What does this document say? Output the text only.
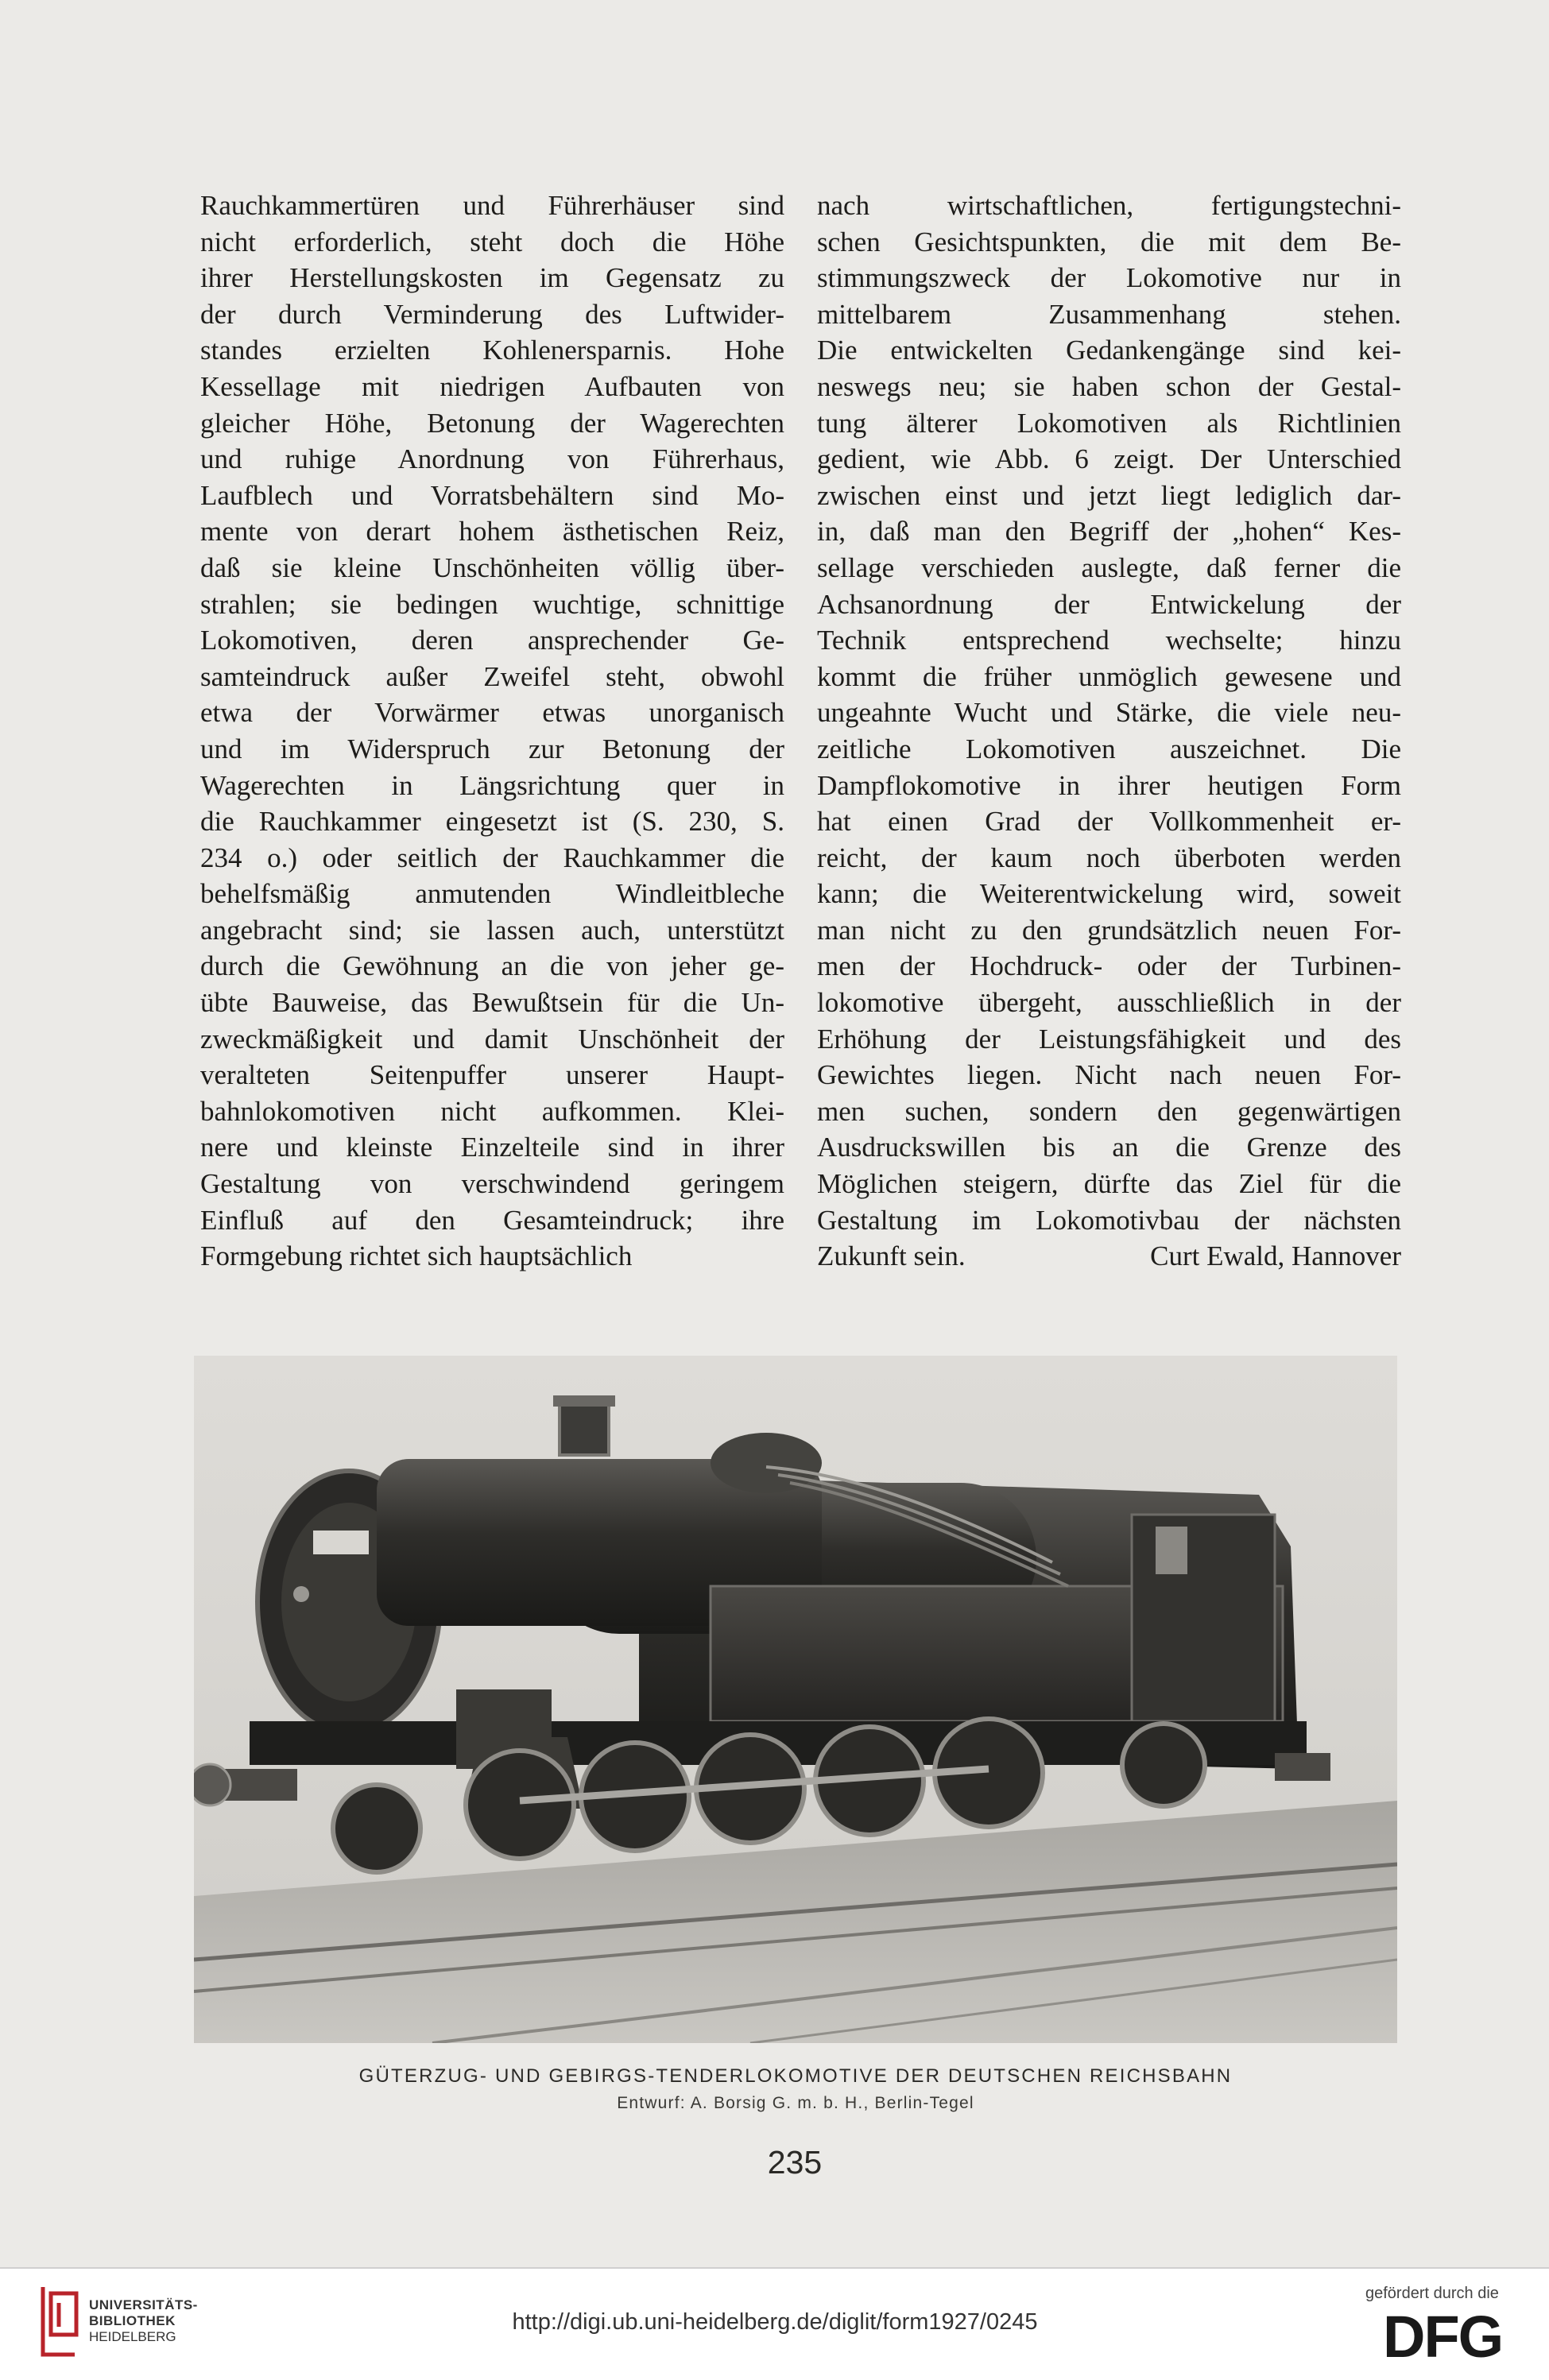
Rauchkammertüren und Führerhäuser sind
nicht erforderlich, steht doch die Höhe
ihrer Herstellungskosten im Gegensatz zu
der durch Verminderung des Luftwider-
standes erzielten Kohlenersparnis. Hohe
Kessellage mit niedrigen Aufbauten von
gleicher Höhe, Betonung der Wagerechten
und ruhige Anordnung von Führerhaus,
Laufblech und Vorratsbehältern sind Mo-
mente von derart hohem ästhetischen Reiz,
daß sie kleine Unschönheiten völlig über-
strahlen; sie bedingen wuchtige, schnittige
Lokomotiven, deren ansprechender Ge-
samteindruck außer Zweifel steht, obwohl
etwa der Vorwärmer etwas unorganisch
und im Widerspruch zur Betonung der
Wagerechten in Längsrichtung quer in
die Rauchkammer eingesetzt ist (S. 230, S.
234 o.) oder seitlich der Rauchkammer die
behelfsmäßig anmutenden Windleitbleche
angebracht sind; sie lassen auch, unterstützt
durch die Gewöhnung an die von jeher ge-
übte Bauweise, das Bewußtsein für die Un-
zweckmäßigkeit und damit Unschönheit der
veralteten Seitenpuffer unserer Haupt-
bahnlokomotiven nicht aufkommen. Klei-
nere und kleinste Einzelteile sind in ihrer
Gestaltung von verschwindend geringem
Einfluß auf den Gesamteindruck; ihre
Formgebung richtet sich hauptsächlich
nach wirtschaftlichen, fertigungstechni-
schen Gesichtspunkten, die mit dem Be-
stimmungszweck der Lokomotive nur in
mittelbarem Zusammenhang stehen.
Die entwickelten Gedankengänge sind kei-
neswegs neu; sie haben schon der Gestal-
tung älterer Lokomotiven als Richtlinien
gedient, wie Abb. 6 zeigt. Der Unterschied
zwischen einst und jetzt liegt lediglich dar-
in, daß man den Begriff der „hohen“ Kes-
sellage verschieden auslegte, daß ferner die
Achsanordnung der Entwickelung der
Technik entsprechend wechselte; hinzu
kommt die früher unmöglich gewesene und
ungeahnte Wucht und Stärke, die viele neu-
zeitliche Lokomotiven auszeichnet. Die
Dampflokomotive in ihrer heutigen Form
hat einen Grad der Vollkommenheit er-
reicht, der kaum noch überboten werden
kann; die Weiterentwickelung wird, soweit
man nicht zu den grundsätzlich neuen For-
men der Hochdruck- oder der Turbinen-
lokomotive übergeht, ausschließlich in der
Erhöhung der Leistungsfähigkeit und des
Gewichtes liegen. Nicht nach neuen For-
men suchen, sondern den gegenwärtigen
Ausdruckswillen bis an die Grenze des
Möglichen steigern, dürfte das Ziel für die
Gestaltung im Lokomotivbau der nächsten
Zukunft sein.	Curt Ewald, Hannover
GÜTERZUG- UND GEBIRGS-TENDERLOKOMOTIVE DER DEUTSCHEN REICHSBAHN
Entwurf: A. Borsig G. m. b. H., Berlin-Tegel
235
UNIVERSITÄTS-
BIBLIOTHEK
HEIDELBERG
http://digi.ub.uni-heidelberg.de/diglit/form1927/0245
gefördert durch die
DFG
